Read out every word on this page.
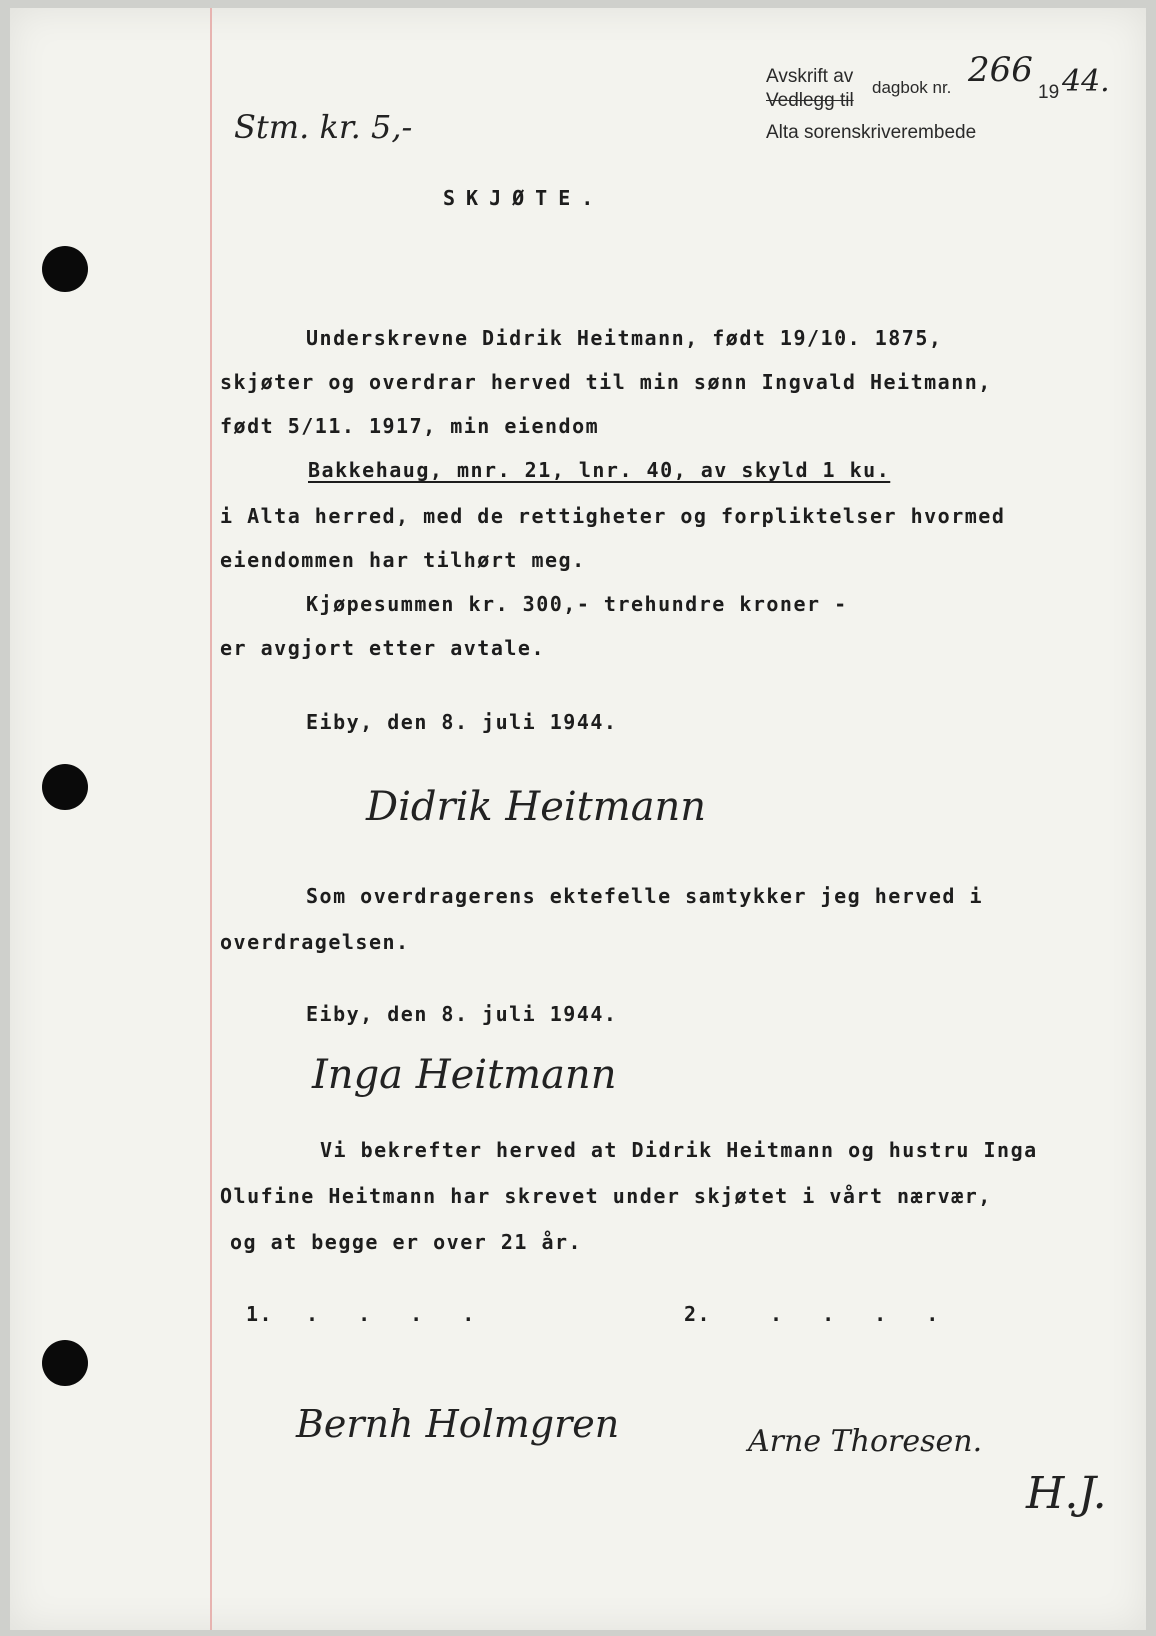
Avskrift av
dagbok nr. 266
19 44.
Vedlegg til
Alta sorenskriverembede
Stm. kr. 5,-
SKJØTE.
Underskrevne Didrik Heitmann, født 19/10. 1875,
skjøter og overdrar herved til min sønn Ingvald Heitmann,
født 5/11. 1917, min eiendom
Bakkehaug, mnr. 21, lnr. 40, av skyld 1 ku.
i Alta herred, med de rettigheter og forpliktelser hvormed
eiendommen har tilhørt meg.
Kjøpesummen kr. 300,- trehundre kroner -
er avgjort etter avtale.
Eiby, den 8. juli 1944.
Didrik Heitmann
Som overdragerens ektefelle samtykker jeg herved i
overdragelsen.
Eiby, den 8. juli 1944.
Inga Heitmann
Vi bekrefter herved at Didrik Heitmann og hustru Inga
Olufine Heitmann har skrevet under skjøtet i vårt nærvær,
og at begge er over 21 år.
1. . . . .	2.	. . . .
Bernh Holmgren	Arne Thoresen.
H.J.
